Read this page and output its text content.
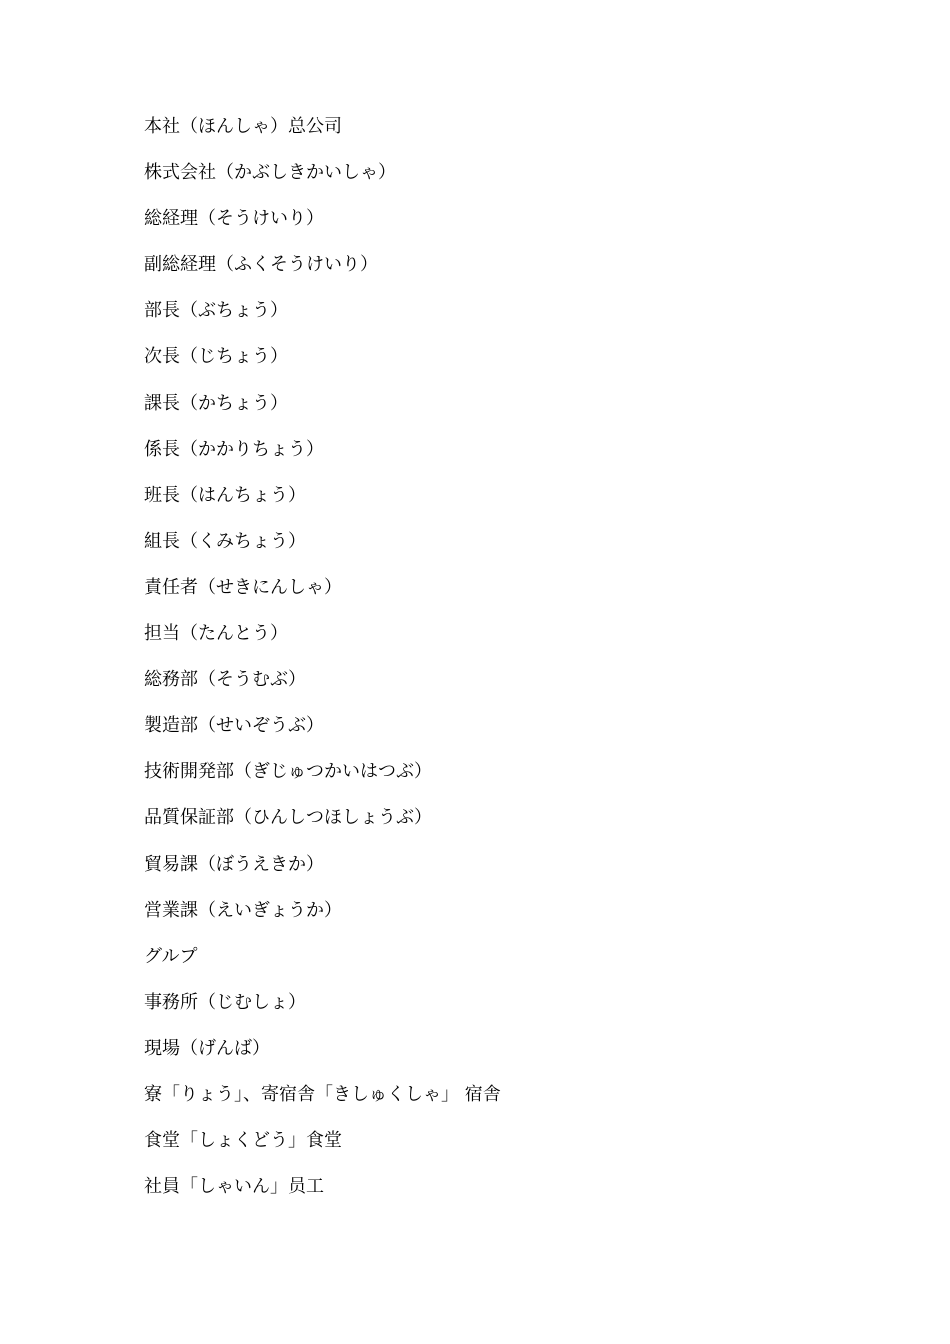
本社（ほんしゃ）总公司
株式会社（かぶしきかいしゃ）
総経理（そうけいり）
副総経理（ふくそうけいり）
部長（ぶちょう）
次長（じちょう）
課長（かちょう）
係長（かかりちょう）
班長（はんちょう）
組長（くみちょう）
責任者（せきにんしゃ）
担当（たんとう）
総務部（そうむぶ）
製造部（せいぞうぶ）
技術開発部（ぎじゅつかいはつぶ）
品質保証部（ひんしつほしょうぶ）
貿易課（ぼうえきか）
営業課（えいぎょうか）
グルプ
事務所（じむしょ）
現場（げんば）
寮「りょう」、寄宿舎「きしゅくしゃ」 宿舎
食堂「しょくどう」食堂
社員「しゃいん」员工
